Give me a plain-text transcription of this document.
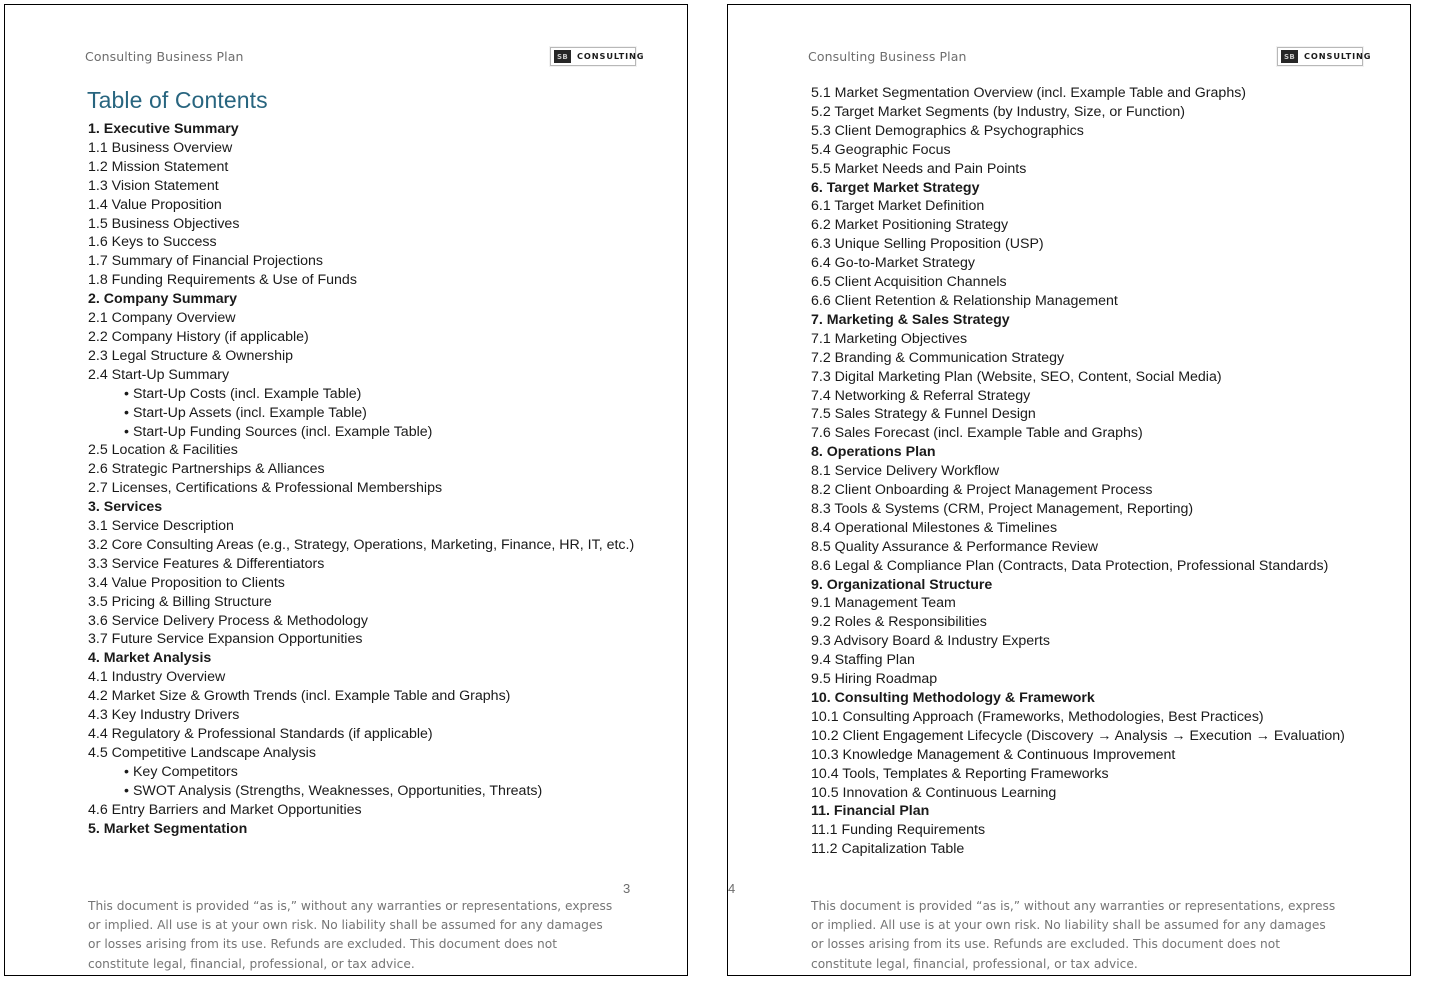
Consulting Business Plan	SB	CONSULTING
Table of Contents
1. Executive Summary
1.1 Business Overview
1.2 Mission Statement
1.3 Vision Statement
1.4 Value Proposition
1.5 Business Objectives
1.6 Keys to Success
1.7 Summary of Financial Projections
1.8 Funding Requirements & Use of Funds
2. Company Summary
2.1 Company Overview
2.2 Company History (if applicable)
2.3 Legal Structure & Ownership
2.4 Start-Up Summary
• Start-Up Costs (incl. Example Table)
• Start-Up Assets (incl. Example Table)
• Start-Up Funding Sources (incl. Example Table)
2.5 Location & Facilities
2.6 Strategic Partnerships & Alliances
2.7 Licenses, Certifications & Professional Memberships
3. Services
3.1 Service Description
3.2 Core Consulting Areas (e.g., Strategy, Operations, Marketing, Finance, HR, IT, etc.)
3.3 Service Features & Differentiators
3.4 Value Proposition to Clients
3.5 Pricing & Billing Structure
3.6 Service Delivery Process & Methodology
3.7 Future Service Expansion Opportunities
4. Market Analysis
4.1 Industry Overview
4.2 Market Size & Growth Trends (incl. Example Table and Graphs)
4.3 Key Industry Drivers
4.4 Regulatory & Professional Standards (if applicable)
4.5 Competitive Landscape Analysis
• Key Competitors
• SWOT Analysis (Strengths, Weaknesses, Opportunities, Threats)
4.6 Entry Barriers and Market Opportunities
5. Market Segmentation
3
This document is provided “as is,” without any warranties or representations, express or implied. All use is at your own risk. No liability shall be assumed for any damages or losses arising from its use. Refunds are excluded. This document does not constitute legal, financial, professional, or tax advice.
Consulting Business Plan	SB	CONSULTING
5.1 Market Segmentation Overview (incl. Example Table and Graphs)
5.2 Target Market Segments (by Industry, Size, or Function)
5.3 Client Demographics & Psychographics
5.4 Geographic Focus
5.5 Market Needs and Pain Points
6. Target Market Strategy
6.1 Target Market Definition
6.2 Market Positioning Strategy
6.3 Unique Selling Proposition (USP)
6.4 Go-to-Market Strategy
6.5 Client Acquisition Channels
6.6 Client Retention & Relationship Management
7. Marketing & Sales Strategy
7.1 Marketing Objectives
7.2 Branding & Communication Strategy
7.3 Digital Marketing Plan (Website, SEO, Content, Social Media)
7.4 Networking & Referral Strategy
7.5 Sales Strategy & Funnel Design
7.6 Sales Forecast (incl. Example Table and Graphs)
8. Operations Plan
8.1 Service Delivery Workflow
8.2 Client Onboarding & Project Management Process
8.3 Tools & Systems (CRM, Project Management, Reporting)
8.4 Operational Milestones & Timelines
8.5 Quality Assurance & Performance Review
8.6 Legal & Compliance Plan (Contracts, Data Protection, Professional Standards)
9. Organizational Structure
9.1 Management Team
9.2 Roles & Responsibilities
9.3 Advisory Board & Industry Experts
9.4 Staffing Plan
9.5 Hiring Roadmap
10. Consulting Methodology & Framework
10.1 Consulting Approach (Frameworks, Methodologies, Best Practices)
10.2 Client Engagement Lifecycle (Discovery → Analysis → Execution → Evaluation)
10.3 Knowledge Management & Continuous Improvement
10.4 Tools, Templates & Reporting Frameworks
10.5 Innovation & Continuous Learning
11. Financial Plan
11.1 Funding Requirements
11.2 Capitalization Table
4
This document is provided “as is,” without any warranties or representations, express or implied. All use is at your own risk. No liability shall be assumed for any damages or losses arising from its use. Refunds are excluded. This document does not constitute legal, financial, professional, or tax advice.
